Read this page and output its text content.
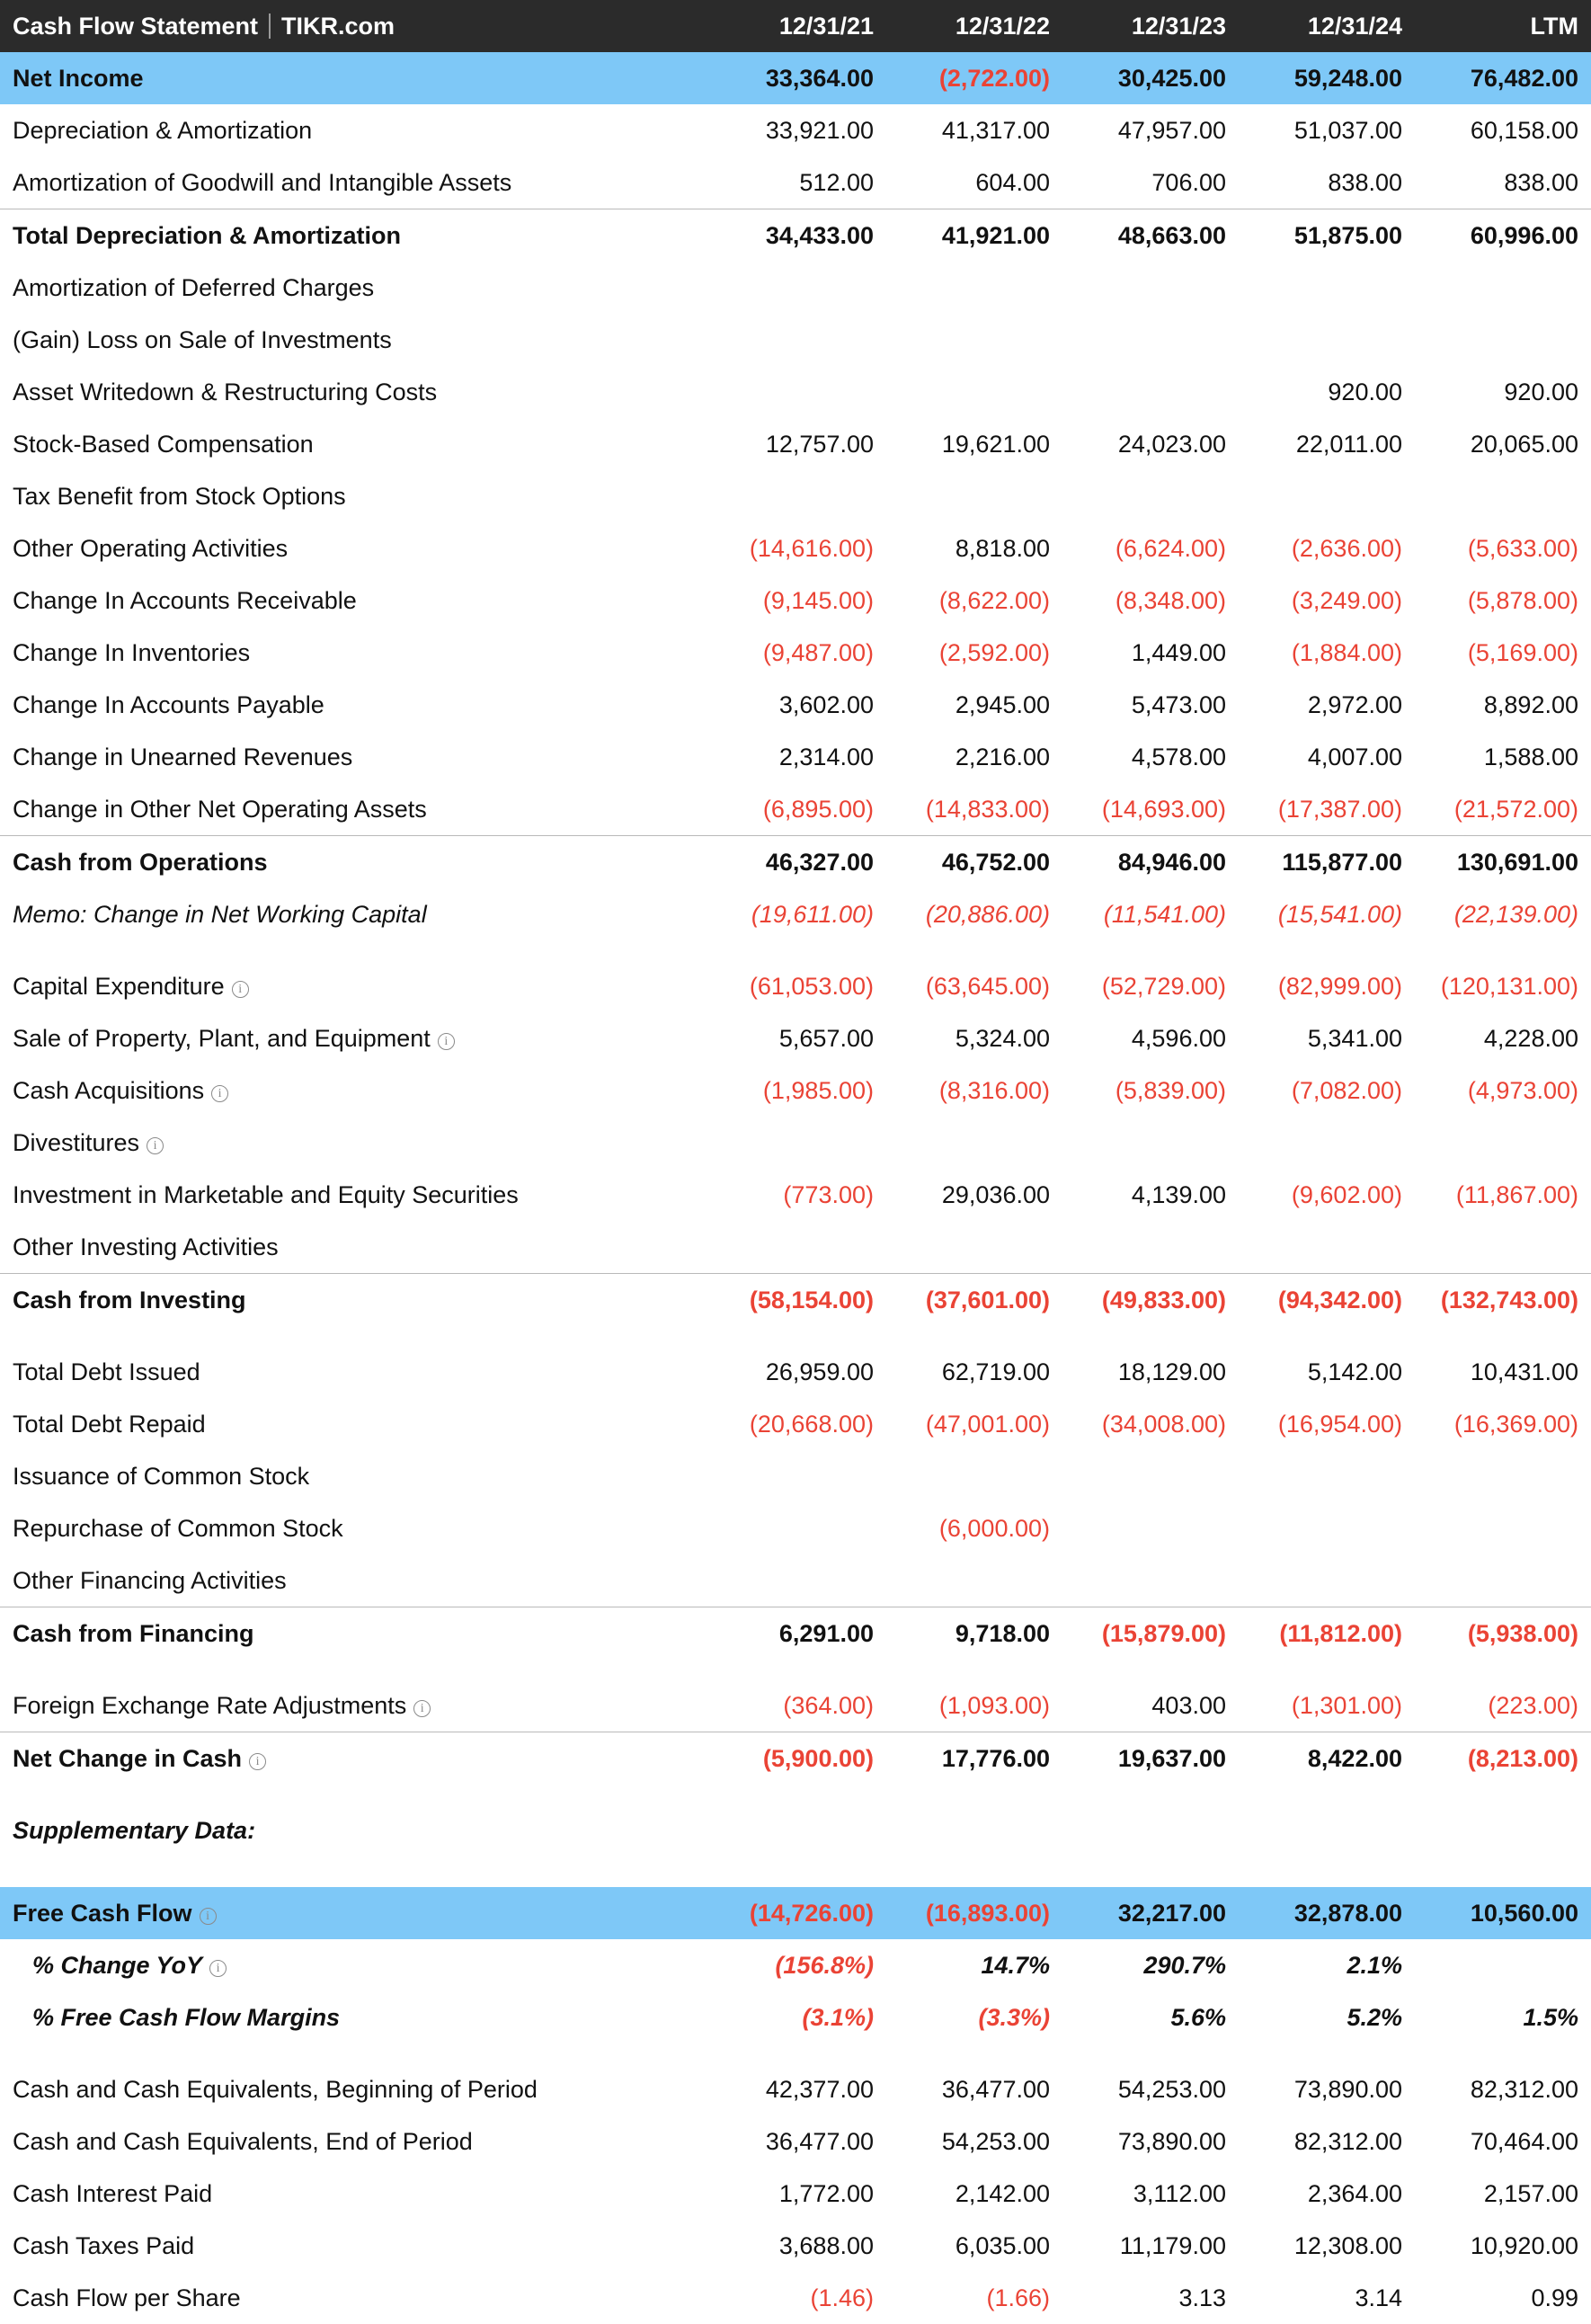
Cash Flow Statement TIKR.com	12/31/21	12/31/22	12/31/23	12/31/24	LTM
Net Income	33,364.00	(2,722.00)	30,425.00	59,248.00	76,482.00
Depreciation & Amortization	33,921.00	41,317.00	47,957.00	51,037.00	60,158.00
Amortization of Goodwill and Intangible Assets	512.00	604.00	706.00	838.00	838.00
Total Depreciation & Amortization	34,433.00	41,921.00	48,663.00	51,875.00	60,996.00
Amortization of Deferred Charges					
(Gain) Loss on Sale of Investments					
Asset Writedown & Restructuring Costs				920.00	920.00
Stock-Based Compensation	12,757.00	19,621.00	24,023.00	22,011.00	20,065.00
Tax Benefit from Stock Options					
Other Operating Activities	(14,616.00)	8,818.00	(6,624.00)	(2,636.00)	(5,633.00)
Change In Accounts Receivable	(9,145.00)	(8,622.00)	(8,348.00)	(3,249.00)	(5,878.00)
Change In Inventories	(9,487.00)	(2,592.00)	1,449.00	(1,884.00)	(5,169.00)
Change In Accounts Payable	3,602.00	2,945.00	5,473.00	2,972.00	8,892.00
Change in Unearned Revenues	2,314.00	2,216.00	4,578.00	4,007.00	1,588.00
Change in Other Net Operating Assets	(6,895.00)	(14,833.00)	(14,693.00)	(17,387.00)	(21,572.00)
Cash from Operations	46,327.00	46,752.00	84,946.00	115,877.00	130,691.00
Memo: Change in Net Working Capital	(19,611.00)	(20,886.00)	(11,541.00)	(15,541.00)	(22,139.00)

Capital Expenditure i	(61,053.00)	(63,645.00)	(52,729.00)	(82,999.00)	(120,131.00)
Sale of Property, Plant, and Equipment i	5,657.00	5,324.00	4,596.00	5,341.00	4,228.00
Cash Acquisitions i	(1,985.00)	(8,316.00)	(5,839.00)	(7,082.00)	(4,973.00)
Divestitures i					
Investment in Marketable and Equity Securities	(773.00)	29,036.00	4,139.00	(9,602.00)	(11,867.00)
Other Investing Activities					
Cash from Investing	(58,154.00)	(37,601.00)	(49,833.00)	(94,342.00)	(132,743.00)

Total Debt Issued	26,959.00	62,719.00	18,129.00	5,142.00	10,431.00
Total Debt Repaid	(20,668.00)	(47,001.00)	(34,008.00)	(16,954.00)	(16,369.00)
Issuance of Common Stock					
Repurchase of Common Stock		(6,000.00)			
Other Financing Activities					
Cash from Financing	6,291.00	9,718.00	(15,879.00)	(11,812.00)	(5,938.00)

Foreign Exchange Rate Adjustments i	(364.00)	(1,093.00)	403.00	(1,301.00)	(223.00)
Net Change in Cash i	(5,900.00)	17,776.00	19,637.00	8,422.00	(8,213.00)

Supplementary Data:					

Free Cash Flow i	(14,726.00)	(16,893.00)	32,217.00	32,878.00	10,560.00
% Change YoY i	(156.8%)	14.7%	290.7%	2.1%	
% Free Cash Flow Margins	(3.1%)	(3.3%)	5.6%	5.2%	1.5%

Cash and Cash Equivalents, Beginning of Period	42,377.00	36,477.00	54,253.00	73,890.00	82,312.00
Cash and Cash Equivalents, End of Period	36,477.00	54,253.00	73,890.00	82,312.00	70,464.00
Cash Interest Paid	1,772.00	2,142.00	3,112.00	2,364.00	2,157.00
Cash Taxes Paid	3,688.00	6,035.00	11,179.00	12,308.00	10,920.00
Cash Flow per Share	(1.46)	(1.66)	3.13	3.14	0.99
